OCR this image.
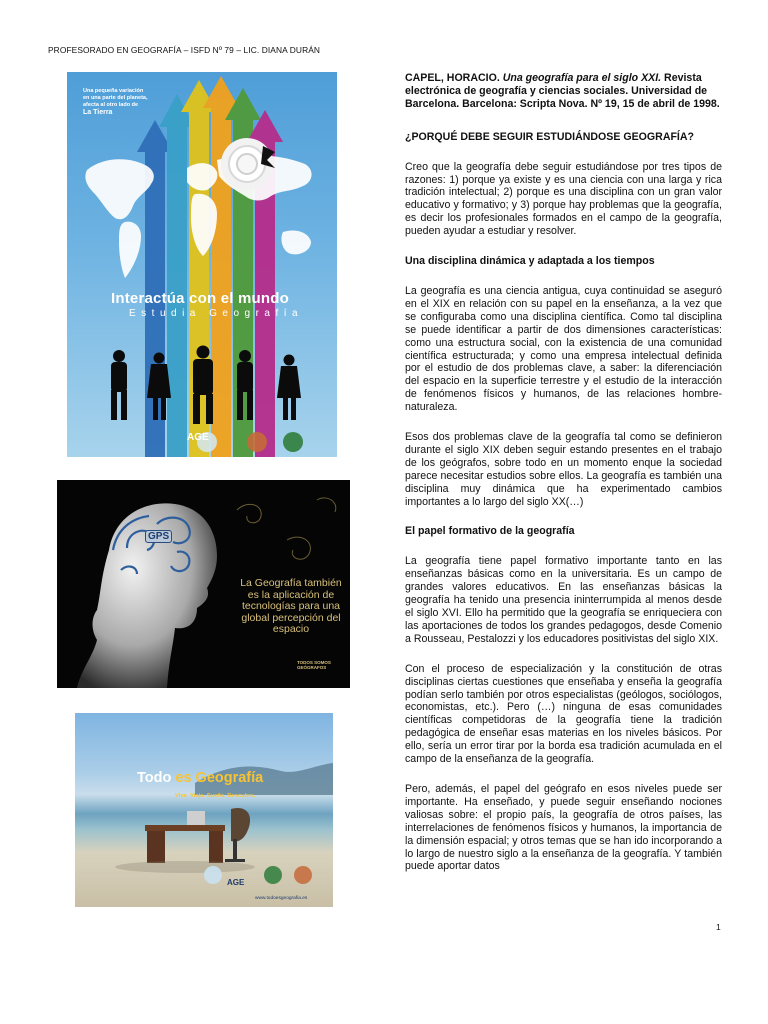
PROFESORADO EN GEOGRAFÍA – ISFD Nº 79 – LIC. DIANA DURÁN
Una pequeña variación
en una parte del planeta,
afecta al otro lado de
La Tierra
Interactúa con el mundo
Estudia Geografía
AGE
GPS
La Geografía también es la aplicación de tecnologías para una global percepción del espacio
TODOS SOMOS
GEÓGRAFOS
Todo es Geografía
Vive. Viaja. Sueña. Descubre.
AGE
www.todoesgeografia.es

CAPEL, HORACIO. Una geografía para el siglo XXI. Revista electrónica de geografía y ciencias sociales. Universidad de Barcelona. Barcelona: Scripta Nova. Nº 19, 15 de abril de 1998.

¿PORQUÉ DEBE SEGUIR ESTUDIÁNDOSE GEOGRAFÍA?

Creo que la geografía debe seguir estudiándose por tres tipos de razones: 1) porque ya existe y es una ciencia con una larga y rica tradición intelectual; 2) porque es una disciplina con un gran valor educativo y formativo; y 3) porque hay problemas que la geografía, es decir los profesionales formados en el campo de la geografía, pueden ayudar a estudiar y resolver.

Una disciplina dinámica y adaptada a los tiempos

La geografía es una ciencia antigua, cuya continuidad se aseguró en el XIX en relación con su papel en la enseñanza, a la vez que se configuraba como una disciplina científica. Como tal disciplina se puede identificar a partir de dos dimensiones características: como una estructura social, con la existencia de una comunidad científica estructurada; y como una empresa intelectual definida por el estudio de dos problemas clave, a saber: la diferenciación del espacio en la superficie terrestre y el estudio de la interacción de fenómenos físicos y humanos, de las relaciones hombre-naturaleza.

Esos dos problemas clave de la geografía tal como se definieron durante el siglo XIX deben seguir estando presentes en el trabajo de los geógrafos, sobre todo en un momento enque la sociedad parece necesitar estudios sobre ellos. La geografía es también una disciplina muy dinámica que ha experimentado cambios importantes a lo largo del siglo XX(…)

El papel formativo de la geografía

La geografía tiene papel formativo importante tanto en las enseñanzas básicas como en la universitaria. Es un campo de grandes valores educativos. En las enseñanzas básicas la geografía ha tenido una presencia ininterrumpida al menos desde el siglo XVI. Ello ha permitido que la geografía se enriqueciera con las aportaciones de todos los grandes pedagogos, desde Comenio a Rousseau, Pestalozzi y los educadores positivistas del siglo XIX.

Con el proceso de especialización y la constitución de otras disciplinas ciertas cuestiones que enseñaba y enseña la geografía podían serlo también por otros especialistas (geólogos, sociólogos, economistas, etc.). Pero (…) ninguna de esas comunidades científicas competidoras de la geografía tiene la tradición pedagógica de enseñar esas materias en los niveles básicos. Por ello, sería un error tirar por la borda esa tradición acumulada en el campo de la enseñanza de la geografía.

Pero, además, el papel del geógrafo en esos niveles puede ser importante. Ha enseñado, y puede seguir enseñando nociones valiosas sobre: el propio país, la geografía de otros países, las interrelaciones de fenómenos físicos y humanos, la importancia de la dimensión espacial; y otros temas que se han ido incorporando a lo largo de nuestro siglo a la enseñanza de la geografía. Y también puede aportar datos

1
